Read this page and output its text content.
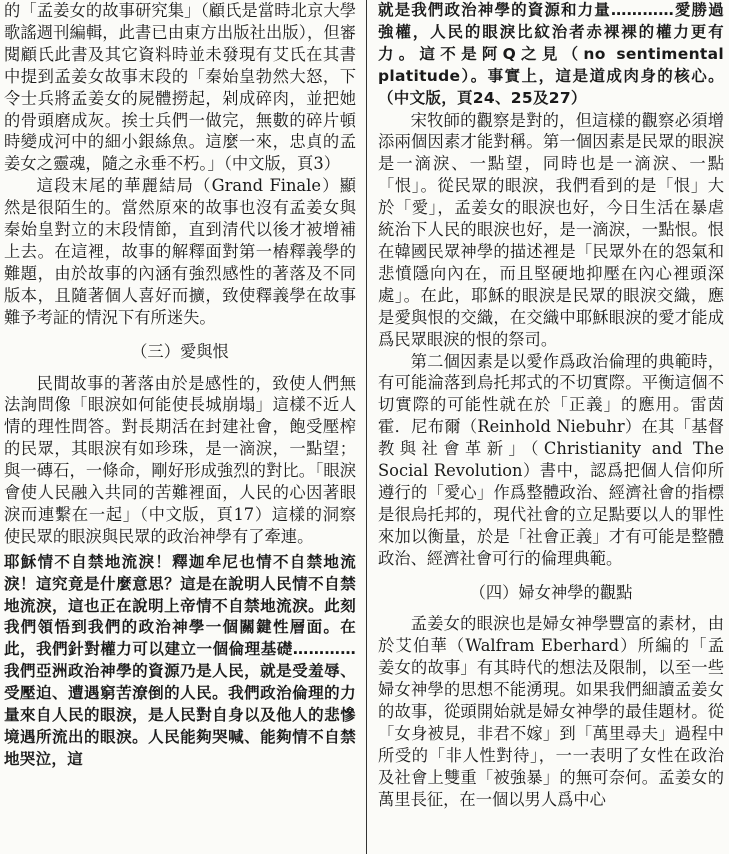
的「孟姜女的故事研究集」（顧氏是當時北京大學歌謠週刊編輯，此書已由東方出版社出版），但審閱顧氏此書及其它資料時並未發現有艾氏在其書中提到孟姜女故事末段的「秦始皇勃然大怒，下令士兵將孟姜女的屍體撈起，剁成碎肉，並把她的骨頭磨成灰。挨士兵們一做完，無數的碎片頓時變成河中的細小銀絲魚。這麼一來，忠貞的孟姜女之靈魂，隨之永垂不朽。」（中文版，頁3）

這段末尾的華麗結局（Grand Finale）顯然是很陌生的。當然原來的故事也沒有孟姜女與秦始皇對立的末段情節，直到清代以後才被增補上去。在這裡，故事的解釋面對第一樁釋義學的難題，由於故事的內涵有強烈感性的著落及不同版本，且隨著個人喜好而擴，致使釋義學在故事難予考証的情況下有所迷失。

（三）愛與恨

民間故事的著落由於是感性的，致使人們無法詢問像「眼淚如何能使長城崩塌」這樣不近人情的理性問答。對長期活在封建社會，飽受壓榨的民眾，其眼淚有如珍珠，是一滴淚，一點望；與一磚石，一條命，剛好形成強烈的對比。「眼淚會使人民融入共同的苦難裡面，人民的心因著眼淚而連繫在一起」（中文版，頁17）這樣的洞察使民眾的眼淚與民眾的政治神學有了牽連。

耶穌情不自禁地流淚！釋迦牟尼也情不自禁地流淚！這究竟是什麼意思？這是在說明人民情不自禁地流淚，這也正在說明上帝情不自禁地流淚。此刻我們領悟到我們的政治神學一個關鍵性層面。在此，我們針對權力可以建立一個倫理基礎…………我們亞洲政治神學的資源乃是人民，就是受羞辱、受壓迫、遭遇窮苦潦倒的人民。我們政治倫理的力量來自人民的眼淚，是人民對自身以及他人的悲慘境遇所流出的眼淚。人民能夠哭喊、能夠情不自禁地哭泣，這

就是我們政治神學的資源和力量…………愛勝過強權，人民的眼淚比紋治者赤裸裸的權力更有力。這不是阿Q之見（no sentimental platitude）。事實上，這是道成肉身的核心。（中文版，頁24、25及27）

宋牧師的觀察是對的，但這樣的觀察必須增添兩個因素才能對稱。第一個因素是民眾的眼淚是一滴淚、一點望，同時也是一滴淚、一點「恨」。從民眾的眼淚，我們看到的是「恨」大於「愛」，孟姜女的眼淚也好，今日生活在暴虐統治下人民的眼淚也好，是一滴淚，一點恨。恨在韓國民眾神學的描述裡是「民眾外在的怨氣和悲憤隱向內在，而且堅硬地抑壓在內心裡頭深處」。在此，耶穌的眼淚是民眾的眼淚交織，應是愛與恨的交織，在交織中耶穌眼淚的愛才能成爲民眾眼淚的恨的祭司。

第二個因素是以愛作爲政治倫理的典範時，有可能淪落到烏托邦式的不切實際。平衡這個不切實際的可能性就在於「正義」的應用。雷茵霍．尼布爾（Reinhold Niebuhr）在其「基督教與社會革新」（Christianity and The Social Revolution）書中，認爲把個人信仰所遵行的「愛心」作爲整體政治、經濟社會的指標是很烏托邦的，現代社會的立足點要以人的罪性來加以衡量，於是「社會正義」才有可能是整體政治、經濟社會可行的倫理典範。

（四）婦女神學的觀點

孟姜女的眼淚也是婦女神學豐富的素材，由於艾伯華（Walfram Eberhard）所編的「孟姜女的故事」有其時代的想法及限制，以至一些婦女神學的思想不能湧現。如果我們細讀孟姜女的故事，從頭開始就是婦女神學的最佳題材。從「女身被見，非君不嫁」到「萬里尋夫」過程中所受的「非人性對待」，一一表明了女性在政治及社會上雙重「被強暴」的無可奈何。孟姜女的萬里長征，在一個以男人爲中心
